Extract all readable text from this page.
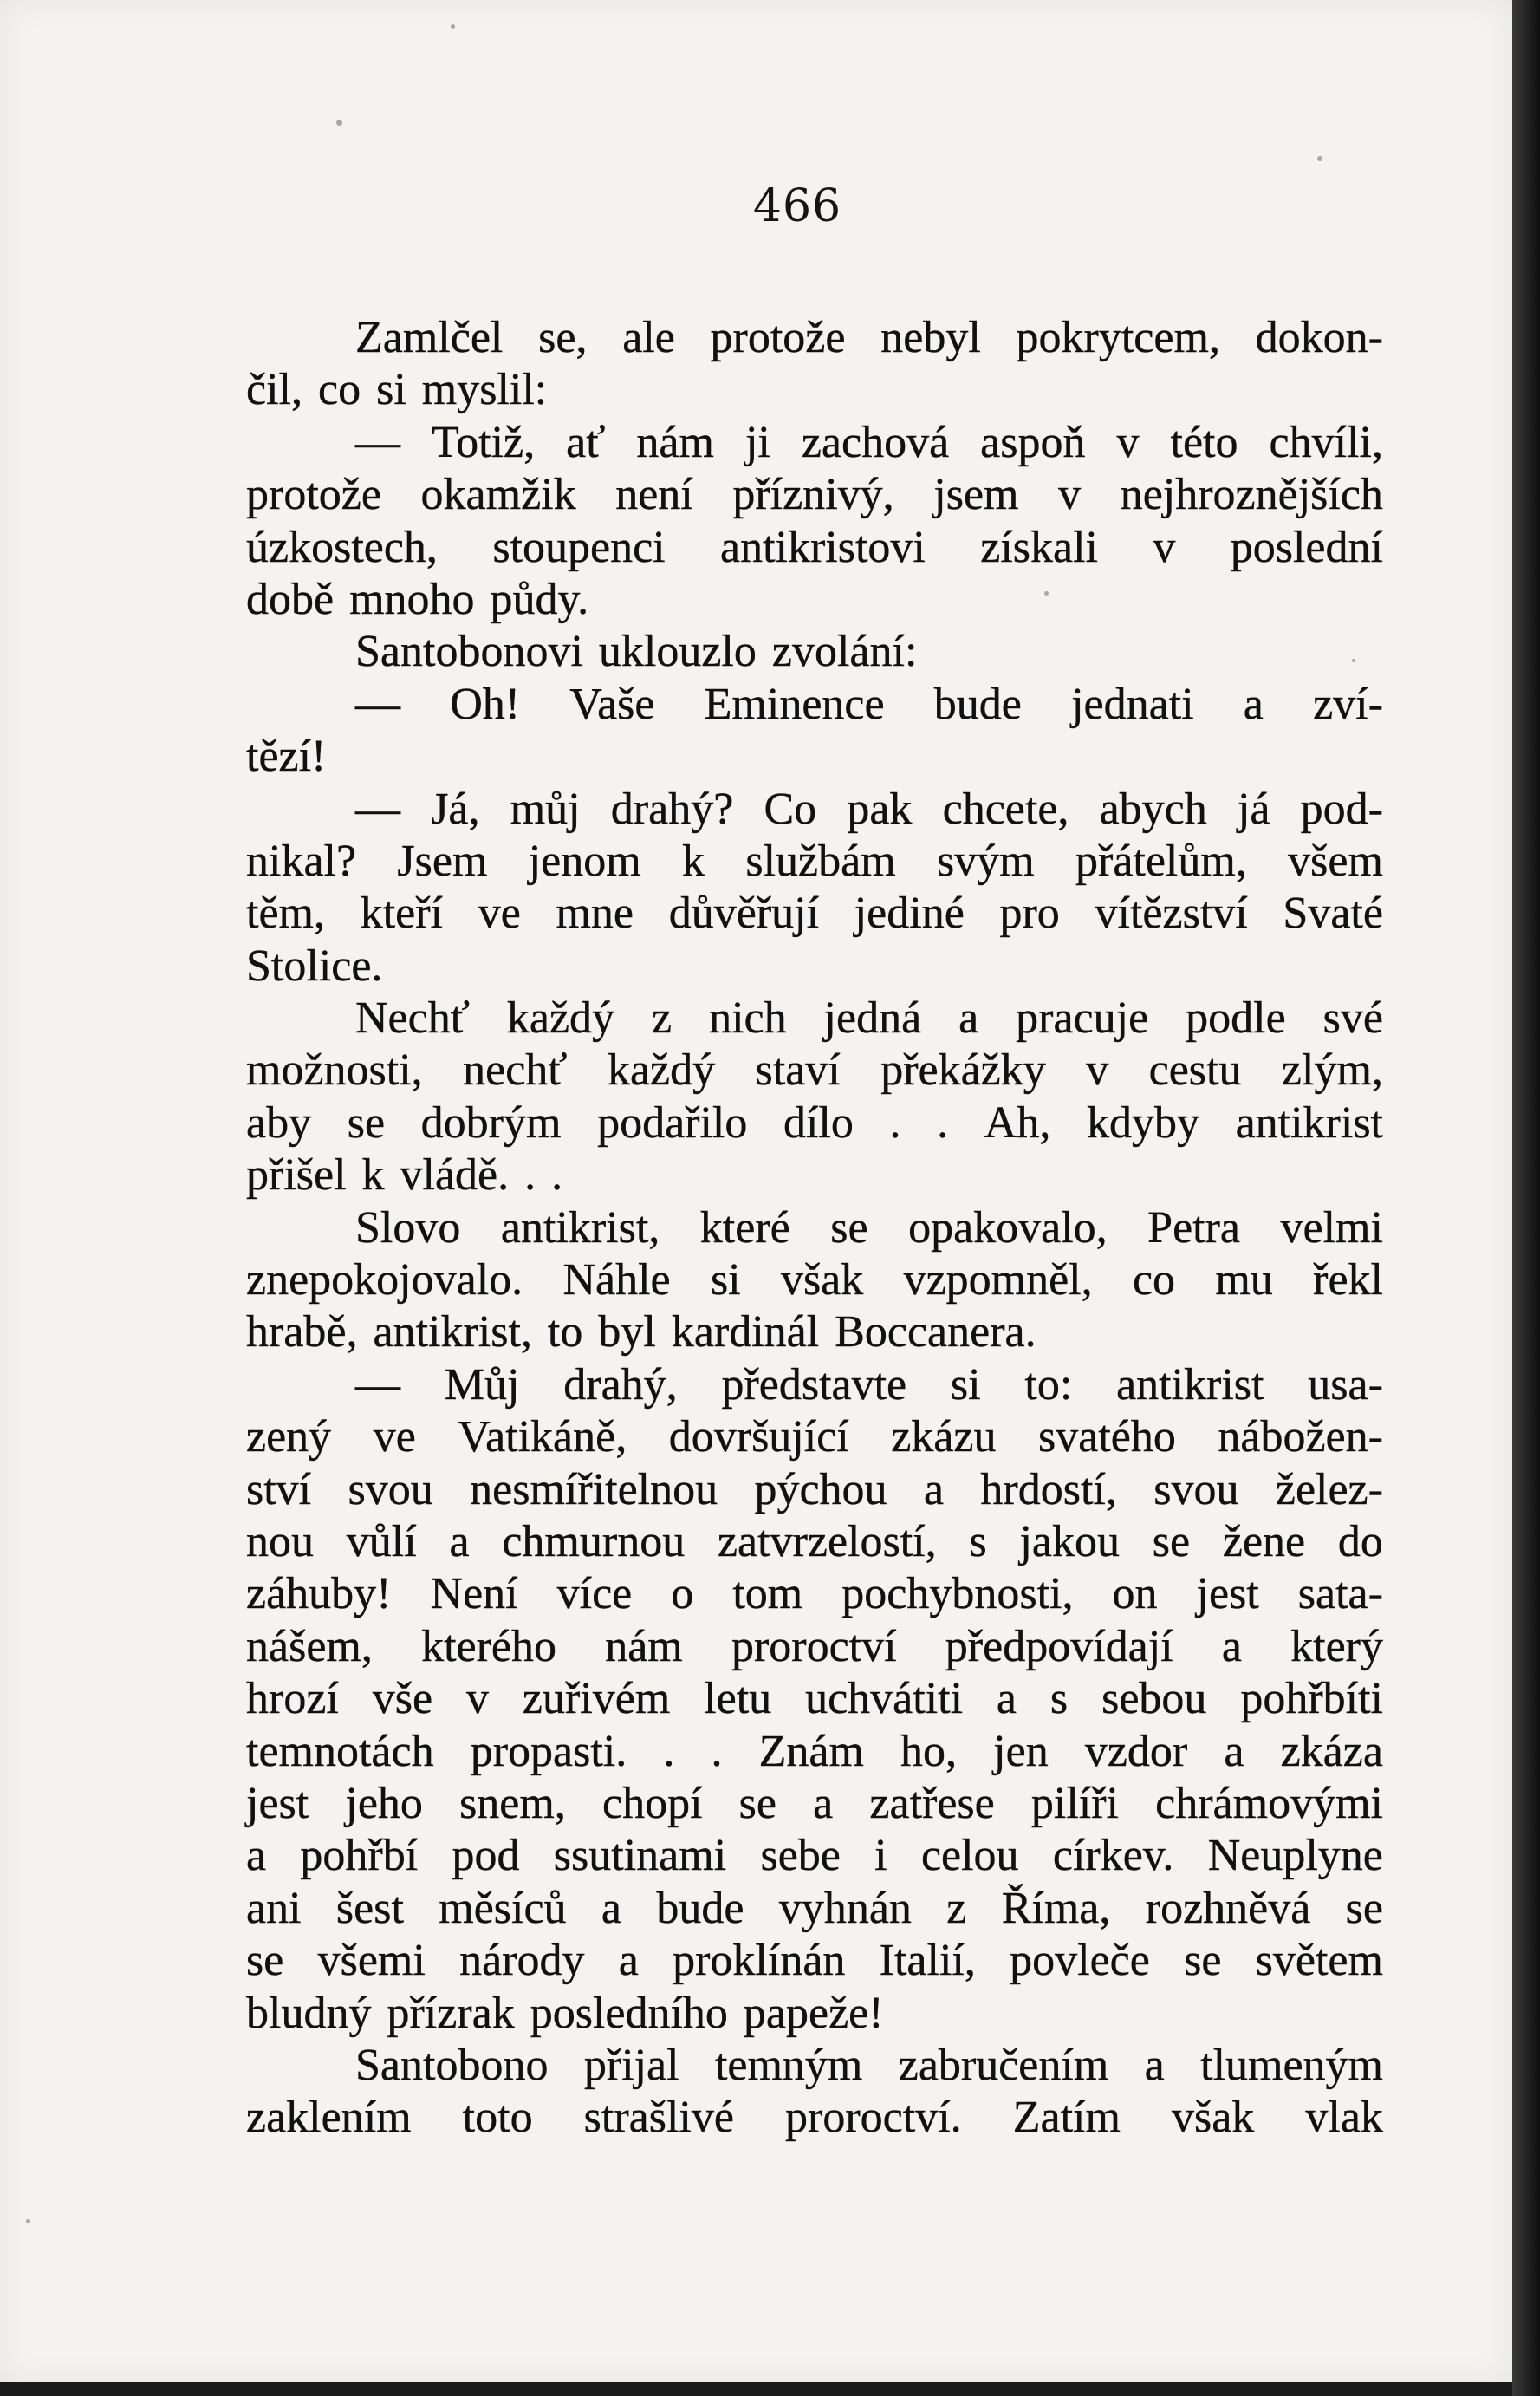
466
Zamlčel se, ale protože nebyl pokrytcem, dokon-
čil, co si myslil:
— Totiž, ať nám ji zachová aspoň v této chvíli,
protože okamžik není příznivý, jsem v nejhroznějších
úzkostech, stoupenci antikristovi získali v poslední
době mnoho půdy.
Santobonovi uklouzlo zvolání:
— Oh! Vaše Eminence bude jednati a zví-
tězí!
— Já, můj drahý? Co pak chcete, abych já pod-
nikal? Jsem jenom k službám svým přátelům, všem
těm, kteří ve mne důvěřují jediné pro vítězství Svaté
Stolice.
Nechť každý z nich jedná a pracuje podle své
možnosti, nechť každý staví překážky v cestu zlým,
aby se dobrým podařilo dílo . . Ah, kdyby antikrist
přišel k vládě. . .
Slovo antikrist, které se opakovalo, Petra velmi
znepokojovalo. Náhle si však vzpomněl, co mu řekl
hrabě, antikrist, to byl kardinál Boccanera.
— Můj drahý, představte si to: antikrist usa-
zený ve Vatikáně, dovršující zkázu svatého nábožen-
ství svou nesmířitelnou pýchou a hrdostí, svou želez-
nou vůlí a chmurnou zatvrzelostí, s jakou se žene do
záhuby! Není více o tom pochybnosti, on jest sata-
nášem, kterého nám proroctví předpovídají a který
hrozí vše v zuřivém letu uchvátiti a s sebou pohřbíti
temnotách propasti. . . Znám ho, jen vzdor a zkáza
jest jeho snem, chopí se a zatřese pilíři chrámovými
a pohřbí pod ssutinami sebe i celou církev. Neuplyne
ani šest měsíců a bude vyhnán z Říma, rozhněvá se
se všemi národy a proklínán Italií, povleče se světem
bludný přízrak posledního papeže!
Santobono přijal temným zabručením a tlumeným
zaklením toto strašlivé proroctví. Zatím však vlak
